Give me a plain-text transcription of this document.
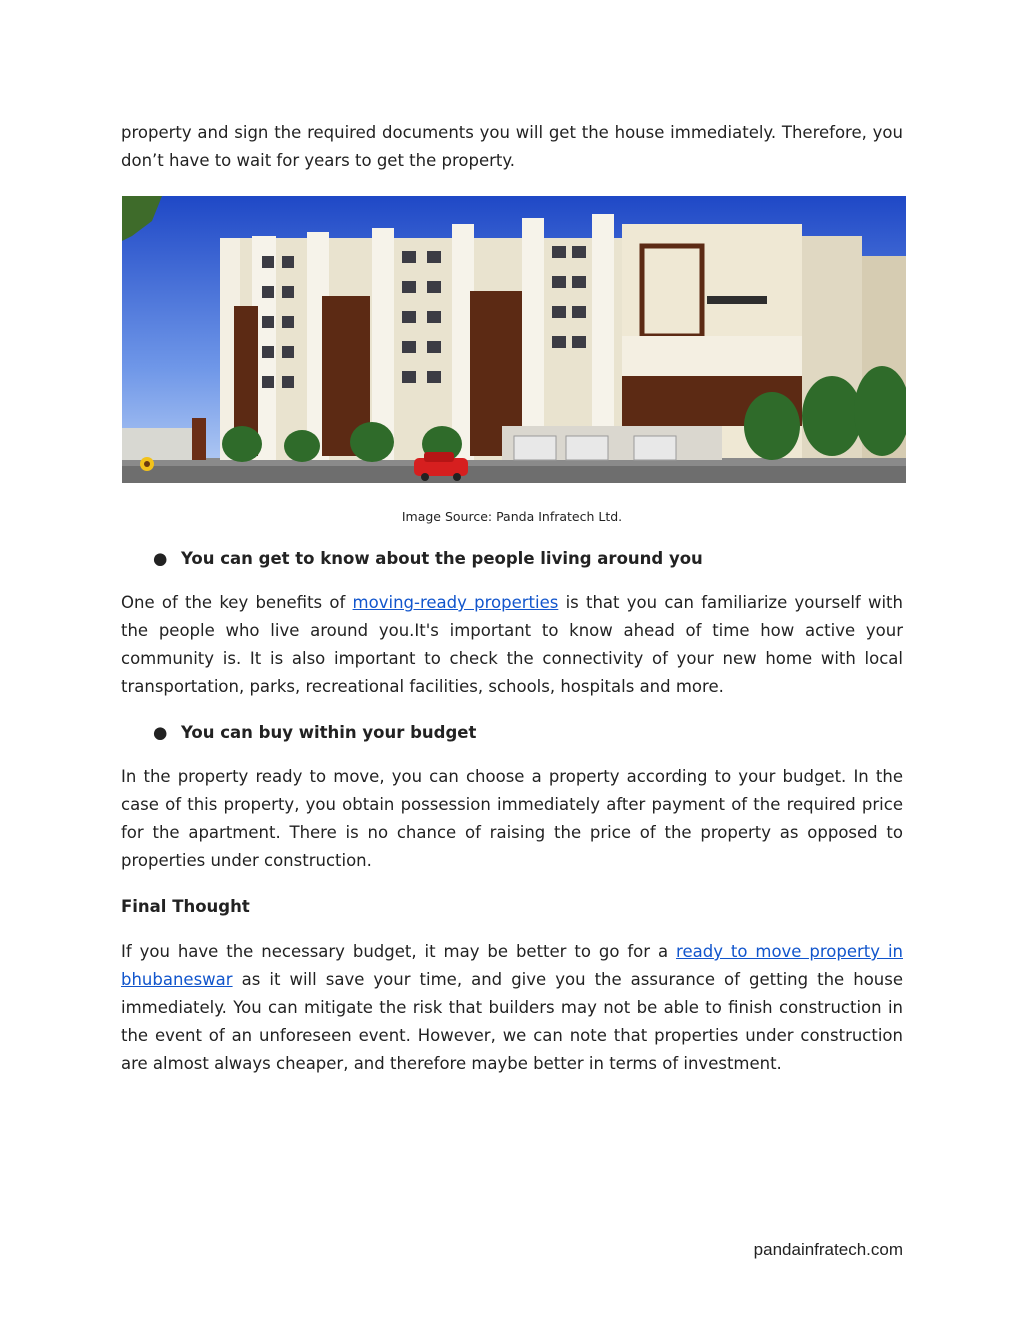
property and sign the required documents you will get the house immediately. Therefore, you don’t have to wait for years to get the property.

Image Source: Panda Infratech Ltd.

● You can get to know about the people living around you

One of the key benefits of moving-ready properties is that you can familiarize yourself with the people who live around you.It's important to know ahead of time how active your community is. It is also important to check the connectivity of your new home with local transportation, parks, recreational facilities, schools, hospitals and more.

● You can buy within your budget

In the property ready to move, you can choose a property according to your budget. In the case of this property, you obtain possession immediately after payment of the required price for the apartment. There is no chance of raising the price of the property as opposed to properties under construction.

Final Thought

If you have the necessary budget, it may be better to go for a ready to move property in bhubaneswar as it will save your time, and give you the assurance of getting the house immediately. You can mitigate the risk that builders may not be able to finish construction in the event of an unforeseen event. However, we can note that properties under construction are almost always cheaper, and therefore maybe better in terms of investment.

pandainfratech.com
